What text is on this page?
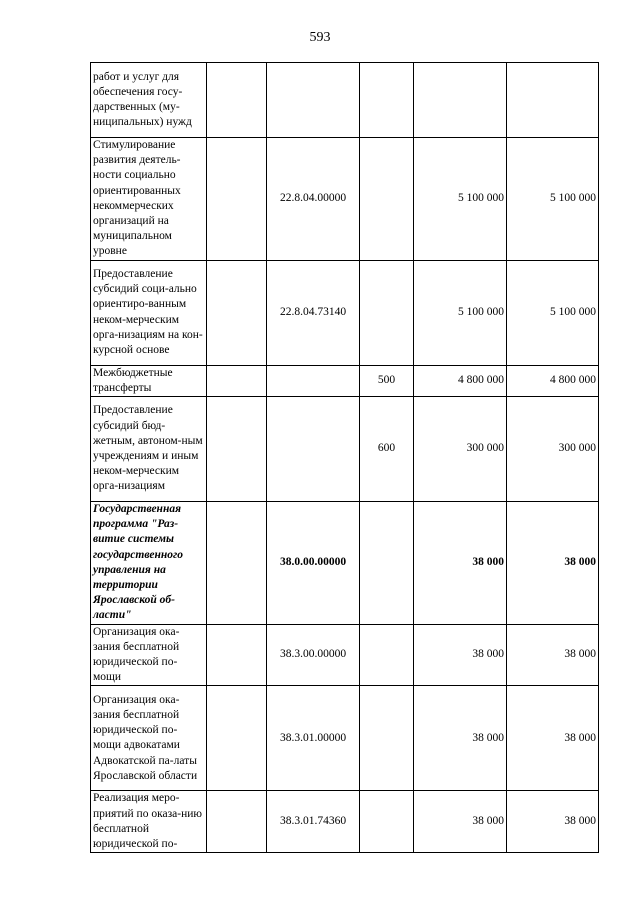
593
работ и услуг для обеспечения госу-дарственных (му-ниципальных) нужд					
Стимулирование развития деятель-ности социально ориентированных некоммерческих организаций на муниципальном уровне		22.8.04.00000		5 100 000	5 100 000
Предоставление субсидий соци-ально ориентиро-ванным неком-мерческим орга-низациям на кон-курсной основе		22.8.04.73140		5 100 000	5 100 000
Межбюджетные трансферты			500	4 800 000	4 800 000
Предоставление субсидий бюд-жетным, автоном-ным учреждениям и иным неком-мерческим орга-низациям			600	300 000	300 000
Государственная программа "Раз-витие системы государственного управления на территории Ярославской об-ласти"		38.0.00.00000		38 000	38 000
Организация ока-зания бесплатной юридической по-мощи		38.3.00.00000		38 000	38 000
Организация ока-зания бесплатной юридической по-мощи адвокатами Адвокатской па-латы Ярославской области		38.3.01.00000		38 000	38 000
Реализация меро-приятий по оказа-нию бесплатной юридической по-		38.3.01.74360		38 000	38 000
